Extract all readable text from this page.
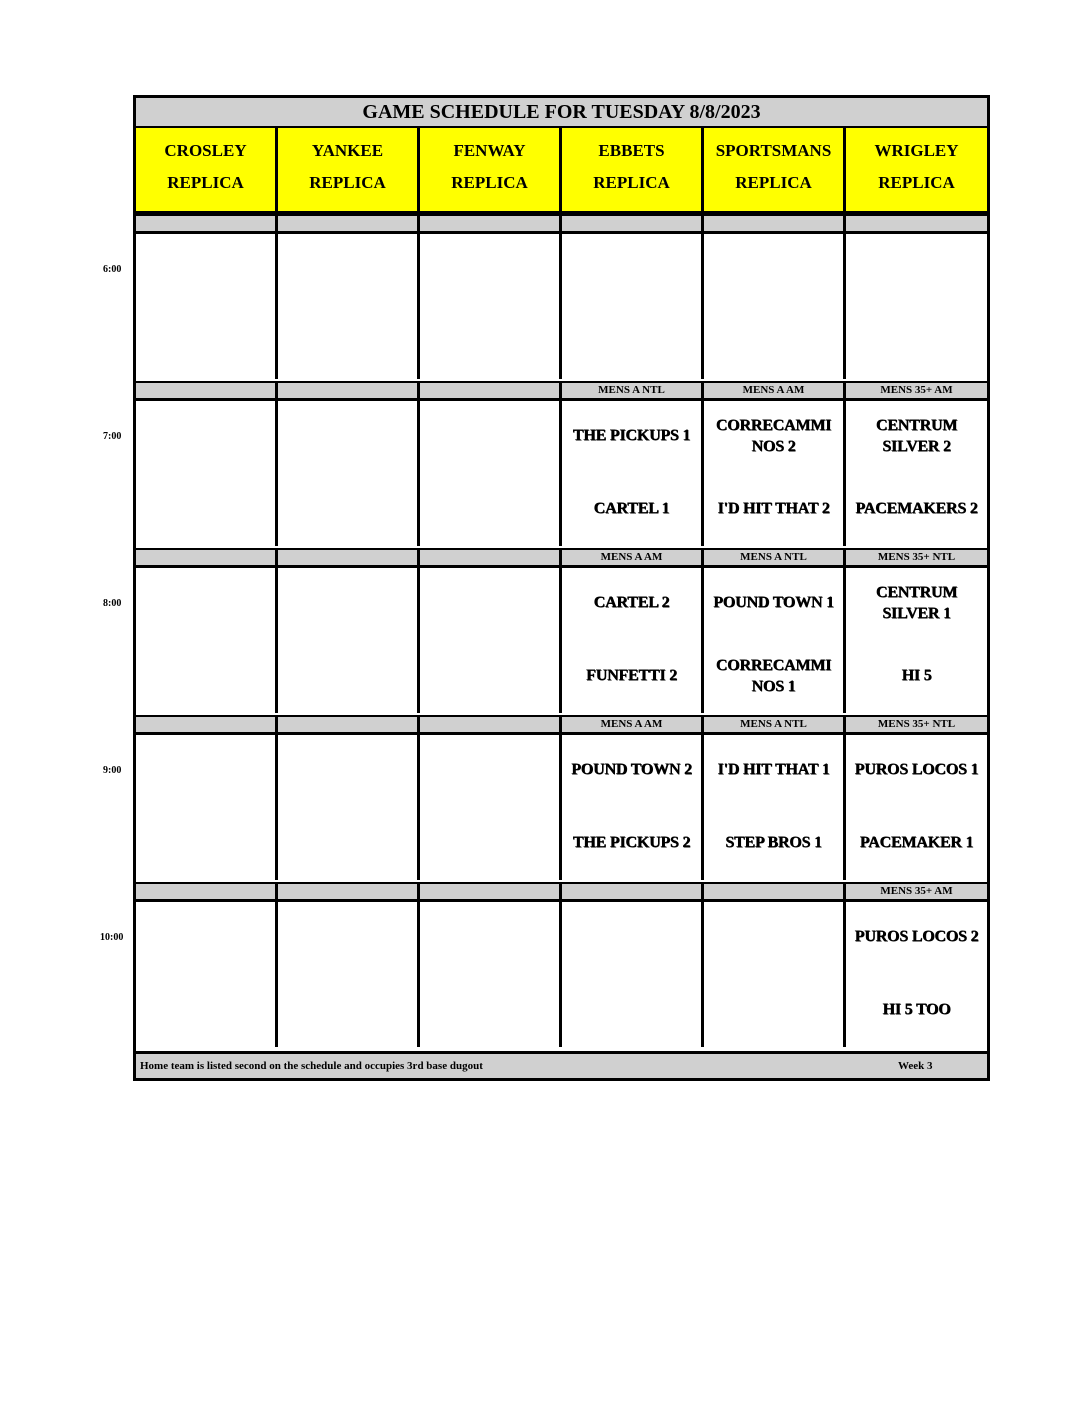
6:00
7:00
8:00
9:00
10:00
GAME SCHEDULE FOR TUESDAY 8/8/2023
CROSLEY
REPLICA
YANKEE
REPLICA
FENWAY
REPLICA
EBBETS
REPLICA
SPORTSMANS
REPLICA
WRIGLEY
REPLICA
MENS A NTL
THE PICKUPS 1
CARTEL 1
MENS A AM
CORRECAMMI NOS 2
I'D HIT THAT 2
MENS 35+ AM
CENTRUM SILVER 2
PACEMAKERS 2
MENS A AM
CARTEL 2
FUNFETTI 2
MENS A NTL
POUND TOWN 1
CORRECAMMI NOS 1
MENS 35+ NTL
CENTRUM SILVER 1
HI 5
MENS A AM
POUND TOWN 2
THE PICKUPS 2
MENS A NTL
I'D HIT THAT 1
STEP BROS 1
MENS 35+ NTL
PUROS LOCOS 1
PACEMAKER 1
MENS 35+ AM
PUROS LOCOS 2
HI 5 TOO
Home team is listed second on the schedule and occupies 3rd base dugout	Week 3
